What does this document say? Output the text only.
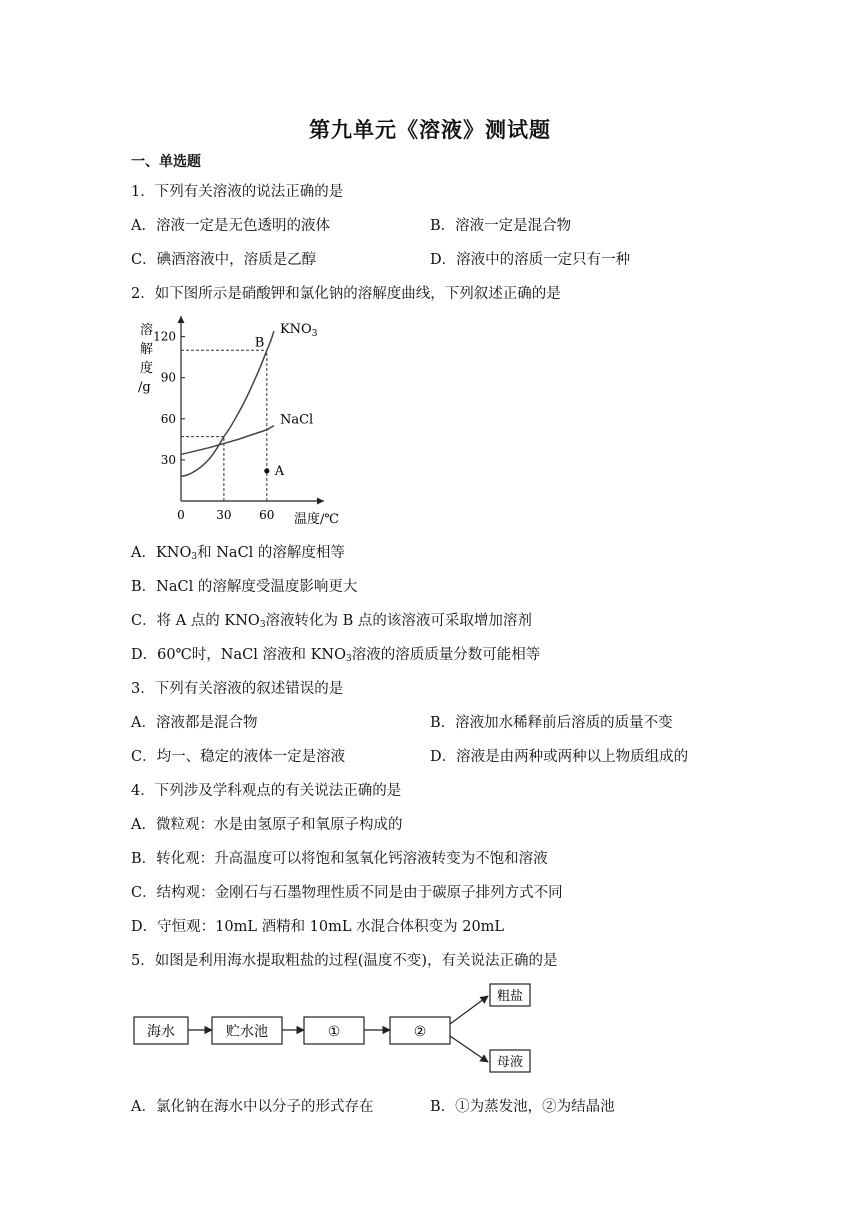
第九单元《溶液》测试题
一、单选题
1．下列有关溶液的说法正确的是
A．溶液一定是无色透明的液体	B．溶液一定是混合物
C．碘酒溶液中，溶质是乙醇	D．溶液中的溶质一定只有一种
2．如下图所示是硝酸钾和氯化钠的溶解度曲线，下列叙述正确的是
溶
解
度
/g
30
60
90
120
0	30 60 温度/℃
$KNO_3$
NaCl
B
A
A．$KNO_3$和 NaCl 的溶解度相等
B．NaCl 的溶解度受温度影响更大
C．将 A 点的 $KNO_3$溶液转化为 B 点的该溶液可采取增加溶剂
D．60℃时，NaCl 溶液和 $KNO_3$溶液的溶质质量分数可能相等
3．下列有关溶液的叙述错误的是
A．溶液都是混合物	B．溶液加水稀释前后溶质的质量不变
C．均一、稳定的液体一定是溶液	D．溶液是由两种或两种以上物质组成的
4．下列涉及学科观点的有关说法正确的是
A．微粒观：水是由氢原子和氧原子构成的
B．转化观：升高温度可以将饱和氢氧化钙溶液转变为不饱和溶液
C．结构观：金刚石与石墨物理性质不同是由于碳原子排列方式不同
D．守恒观：10mL 酒精和 10mL 水混合体积变为 20mL
5．如图是利用海水提取粗盐的过程(温度不变)，有关说法正确的是
海水	贮水池	①	②
粗盐
母液
A．氯化钠在海水中以分子的形式存在	B．①为蒸发池，②为结晶池
